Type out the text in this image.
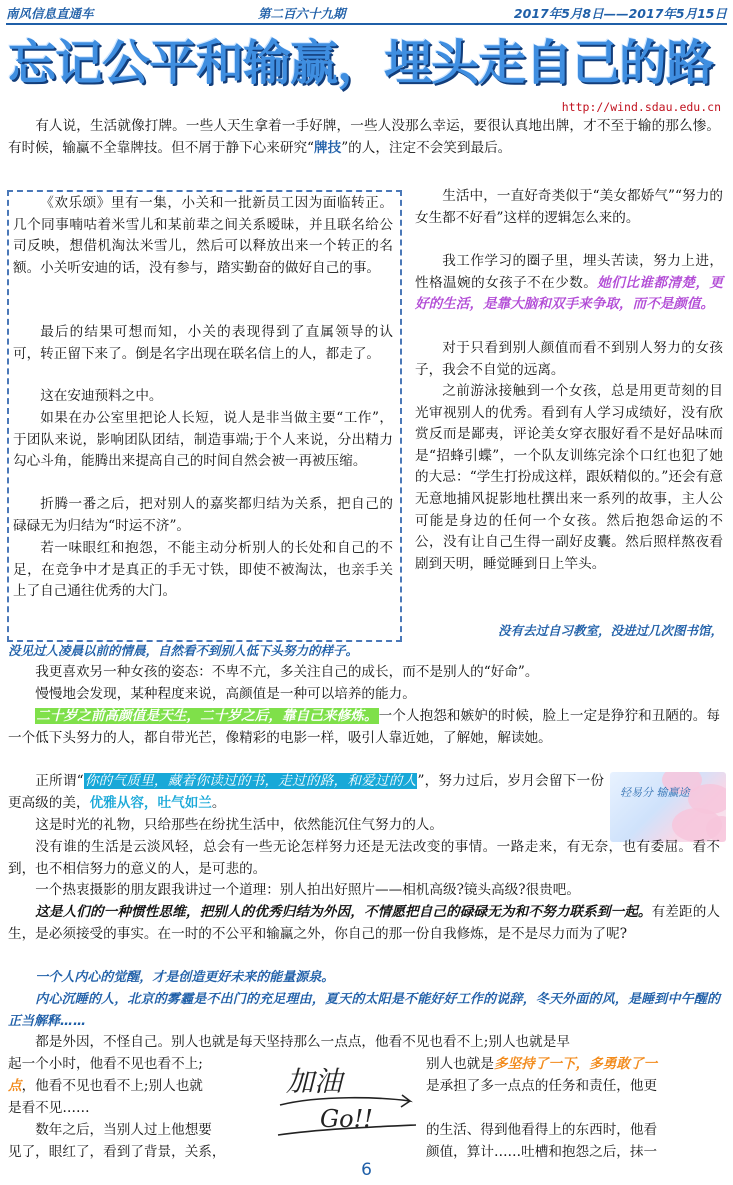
南风信息直通车	第二百六十九期	2017年5月8日——2017年5月15日
忘记公平和输赢，埋头走自己的路
http://wind.sdau.edu.cn

有人说，生活就像打牌。一些人天生拿着一手好牌，一些人没那么幸运，要很认真地出牌，才不至于输的那么惨。有时候，输赢不全靠牌技。但不屑于静下心来研究“牌技”的人，注定不会笑到最后。

《欢乐颂》里有一集，小关和一批新员工因为面临转正。几个同事喃咕着米雪儿和某前辈之间关系暧昧，并且联名给公司反映，想借机淘汰米雪儿，然后可以释放出来一个转正的名额。小关听安迪的话，没有参与，踏实勤奋的做好自己的事。

最后的结果可想而知，小关的表现得到了直属领导的认可，转正留下来了。倒是名字出现在联名信上的人，都走了。

这在安迪预料之中。

如果在办公室里把论人长短，说人是非当做主要“工作”，于团队来说，影响团队团结，制造事端;于个人来说，分出精力勾心斗角，能腾出来提高自己的时间自然会被一再被压缩。

折腾一番之后，把对别人的嘉奖都归结为关系，把自己的碌碌无为归结为“时运不济”。

若一味眼红和抱怨，不能主动分析别人的长处和自己的不足，在竞争中才是真正的手无寸铁，即使不被淘汰，也亲手关上了自己通往优秀的大门。

生活中，一直好奇类似于“美女都娇气”“努力的女生都不好看”这样的逻辑怎么来的。

我工作学习的圈子里，埋头苦读，努力上进，性格温婉的女孩子不在少数。她们比谁都清楚，更好的生活，是靠大脑和双手来争取，而不是颜值。

对于只看到别人颜值而看不到别人努力的女孩子，我会不自觉的远离。

之前游泳接触到一个女孩，总是用更苛刻的目光审视别人的优秀。看到有人学习成绩好，没有欣赏反而是鄙夷，评论美女穿衣服好看不是好品味而是“招蜂引蝶”，一个队友训练完涂个口红也犯了她的大忌：“学生打扮成这样，跟妖精似的。”还会有意无意地捕风捉影地杜撰出来一系列的故事，主人公可能是身边的任何一个女孩。然后抱怨命运的不公，没有让自己生得一副好皮囊。然后照样熬夜看剧到天明，睡觉睡到日上竿头。

没有去过自习教室，没进过几次图书馆，

没见过人凌晨以前的情晨，自然看不到别人低下头努力的样子。

我更喜欢另一种女孩的姿态：不卑不亢，多关注自己的成长，而不是别人的“好命”。

慢慢地会发现，某种程度来说，高颜值是一种可以培养的能力。

二十岁之前高颜值是天生，二十岁之后，靠自己来修炼。一个人抱怨和嫉妒的时候，脸上一定是狰狞和丑陋的。每一个低下头努力的人，都自带光芒，像精彩的电影一样，吸引人靠近她，了解她，解读她。

正所谓“你的气质里，藏着你读过的书，走过的路，和爱过的人”，努力过后，岁月会留下一份更高级的美，优雅从容，吐气如兰。

轻易分 输赢途

这是时光的礼物，只给那些在纷扰生活中，依然能沉住气努力的人。

没有谁的生活是云淡风轻，总会有一些无论怎样努力还是无法改变的事情。一路走来，有无奈，也有委屈。看不到，也不相信努力的意义的人，是可悲的。

一个热衷摄影的朋友跟我讲过一个道理：别人拍出好照片——相机高级?镜头高级?很贵吧。

这是人们的一种惯性思维，把别人的优秀归结为外因，不情愿把自己的碌碌无为和不努力联系到一起。有差距的人生，是必须接受的事实。在一时的不公平和输赢之外，你自己的那一份自我修炼，是不是尽力而为了呢?

一个人内心的觉醒，才是创造更好未来的能量源泉。

内心沉睡的人，北京的雾霾是不出门的充足理由，夏天的太阳是不能好好工作的说辞，冬天外面的风，是睡到中午醒的正当解释……

都是外因，不怪自己。别人也就是每天坚持那么一点点，他看不见也看不上;别人也就是早

起一个小时，他看不见也看不上;	别人也就是多坚持了一下，多勇敢了一

点，他看不见也看不上;别人也就	是承担了多一点点的任务和责任，他更

是看不见……

数年之后，当别人过上他想要	的生活、得到他看得上的东西时，他看

见了，眼红了，看到了背景，关系，	颜值，算计……吐槽和抱怨之后，抹一

加油
Go!!
6
